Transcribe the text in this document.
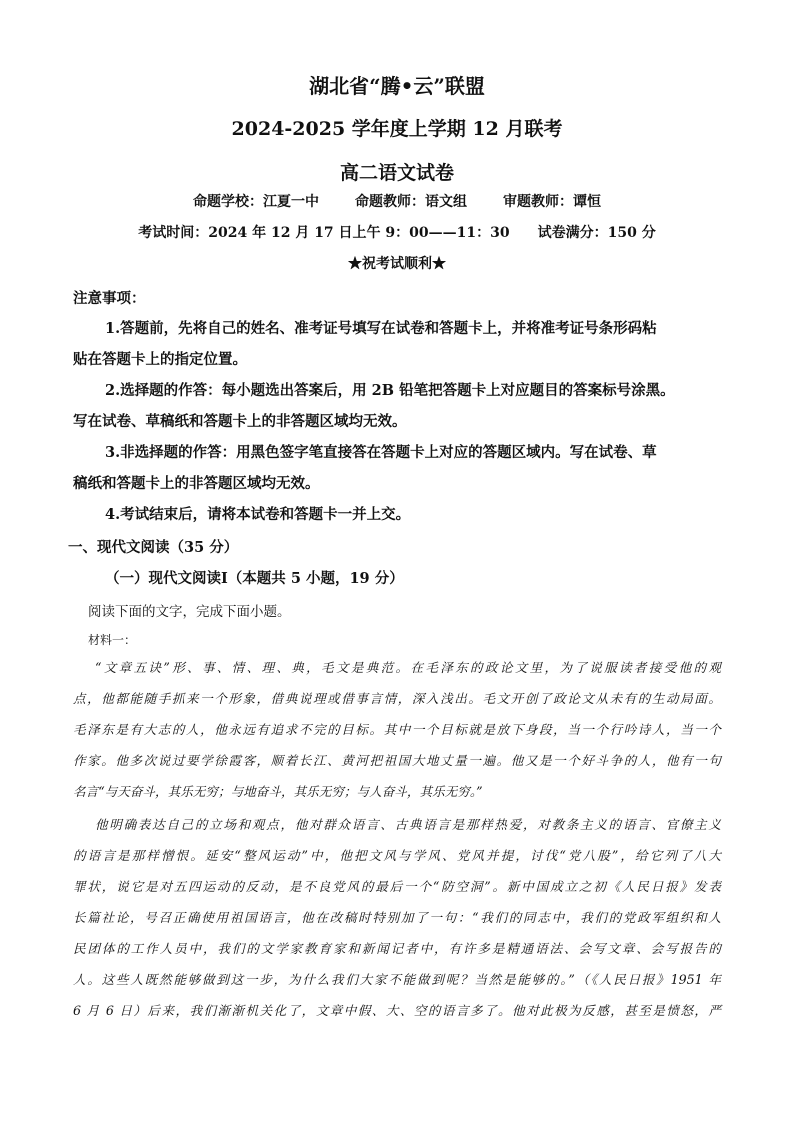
湖北省“腾•云”联盟
2024-2025 学年度上学期 12 月联考
高二语文试卷
命题学校：江夏一中	命题教师：语文组	审题教师：谭恒
考试时间：2024 年 12 月 17 日上午 9：00——11：30 试卷满分：150 分
★祝考试顺利★
注意事项：
1.答题前，先将自己的姓名、准考证号填写在试卷和答题卡上，并将准考证号条形码粘
贴在答题卡上的指定位置。
2.选择题的作答：每小题选出答案后，用 2B 铅笔把答题卡上对应题目的答案标号涂黑。
写在试卷、草稿纸和答题卡上的非答题区域均无效。
3.非选择题的作答：用黑色签字笔直接答在答题卡上对应的答题区域内。写在试卷、草
稿纸和答题卡上的非答题区域均无效。
4.考试结束后，请将本试卷和答题卡一并上交。
一、现代文阅读（35 分）
（一）现代文阅读Ⅰ（本题共 5 小题，19 分）
阅读下面的文字，完成下面小题。
材料一：
“文章五诀”形、事、情、理、典，毛文是典范。在毛泽东的政论文里，为了说服读者接受他的观
点，他都能随手抓来一个形象，借典说理或借事言情，深入浅出。毛文开创了政论文从未有的生动局面。
毛泽东是有大志的人，他永远有追求不完的目标。其中一个目标就是放下身段，当一个行吟诗人，当一个
作家。他多次说过要学徐霞客，顺着长江、黄河把祖国大地丈量一遍。他又是一个好斗争的人，他有一句
名言“与天奋斗，其乐无穷；与地奋斗，其乐无穷；与人奋斗，其乐无穷。”
他明确表达自己的立场和观点，他对群众语言、古典语言是那样热爱，对教条主义的语言、官僚主义
的语言是那样憎恨。延安“整风运动”中，他把文风与学风、党风并提，讨伐“党八股”，给它列了八大
罪状，说它是对五四运动的反动，是不良党风的最后一个“防空洞”。新中国成立之初《人民日报》发表
长篇社论，号召正确使用祖国语言，他在改稿时特别加了一句：“我们的同志中，我们的党政军组织和人
民团体的工作人员中，我们的文学家教育家和新闻记者中，有许多是精通语法、会写文章、会写报告的
人。这些人既然能够做到这一步，为什么我们大家不能做到呢？当然是能够的。”（《人民日报》1951 年
6 月 6 日）后来，我们渐渐机关化了，文章中假、大、空的语言多了。他对此极为反感，甚至是愤怒，严
